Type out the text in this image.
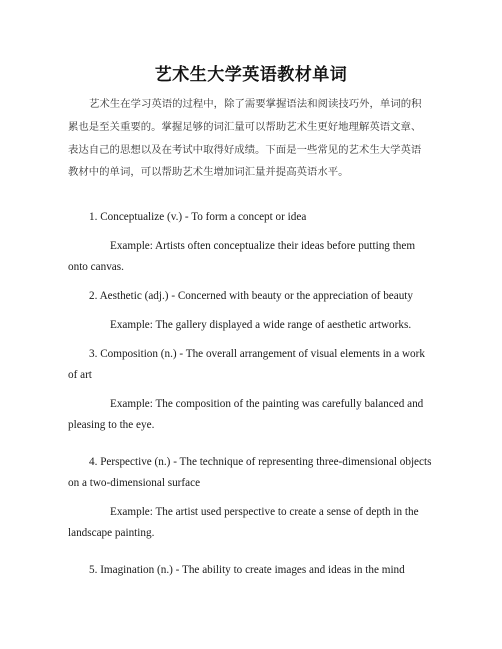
艺术生大学英语教材单词
艺术生在学习英语的过程中，除了需要掌握语法和阅读技巧外，单词的积累也是至关重要的。掌握足够的词汇量可以帮助艺术生更好地理解英语文章、表达自己的思想以及在考试中取得好成绩。下面是一些常见的艺术生大学英语教材中的单词，可以帮助艺术生增加词汇量并提高英语水平。
1. Conceptualize (v.) - To form a concept or idea
Example: Artists often conceptualize their ideas before putting them onto canvas.
2. Aesthetic (adj.) - Concerned with beauty or the appreciation of beauty
Example: The gallery displayed a wide range of aesthetic artworks.
3. Composition (n.) - The overall arrangement of visual elements in a work of art
Example: The composition of the painting was carefully balanced and pleasing to the eye.
4. Perspective (n.) - The technique of representing three-dimensional objects on a two-dimensional surface
Example: The artist used perspective to create a sense of depth in the landscape painting.
5. Imagination (n.) - The ability to create images and ideas in the mind
